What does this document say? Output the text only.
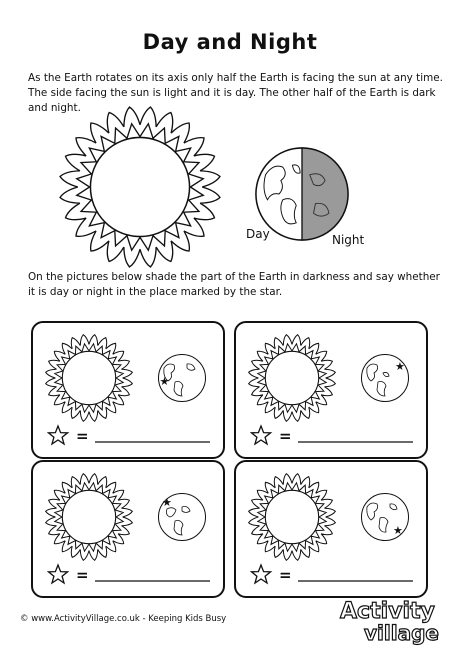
Day and Night
As the Earth rotates on its axis only half the Earth is facing the sun at any time. The side facing the sun is light and it is day. The other half of the Earth is dark and night.
Day	Night
On the pictures below shade the part of the Earth in darkness and say whether it is day or night in the place marked by the star.
★
=
★
=
★
=
★
=
© www.ActivityVillage.co.uk - Keeping Kids Busy	Activity
village
